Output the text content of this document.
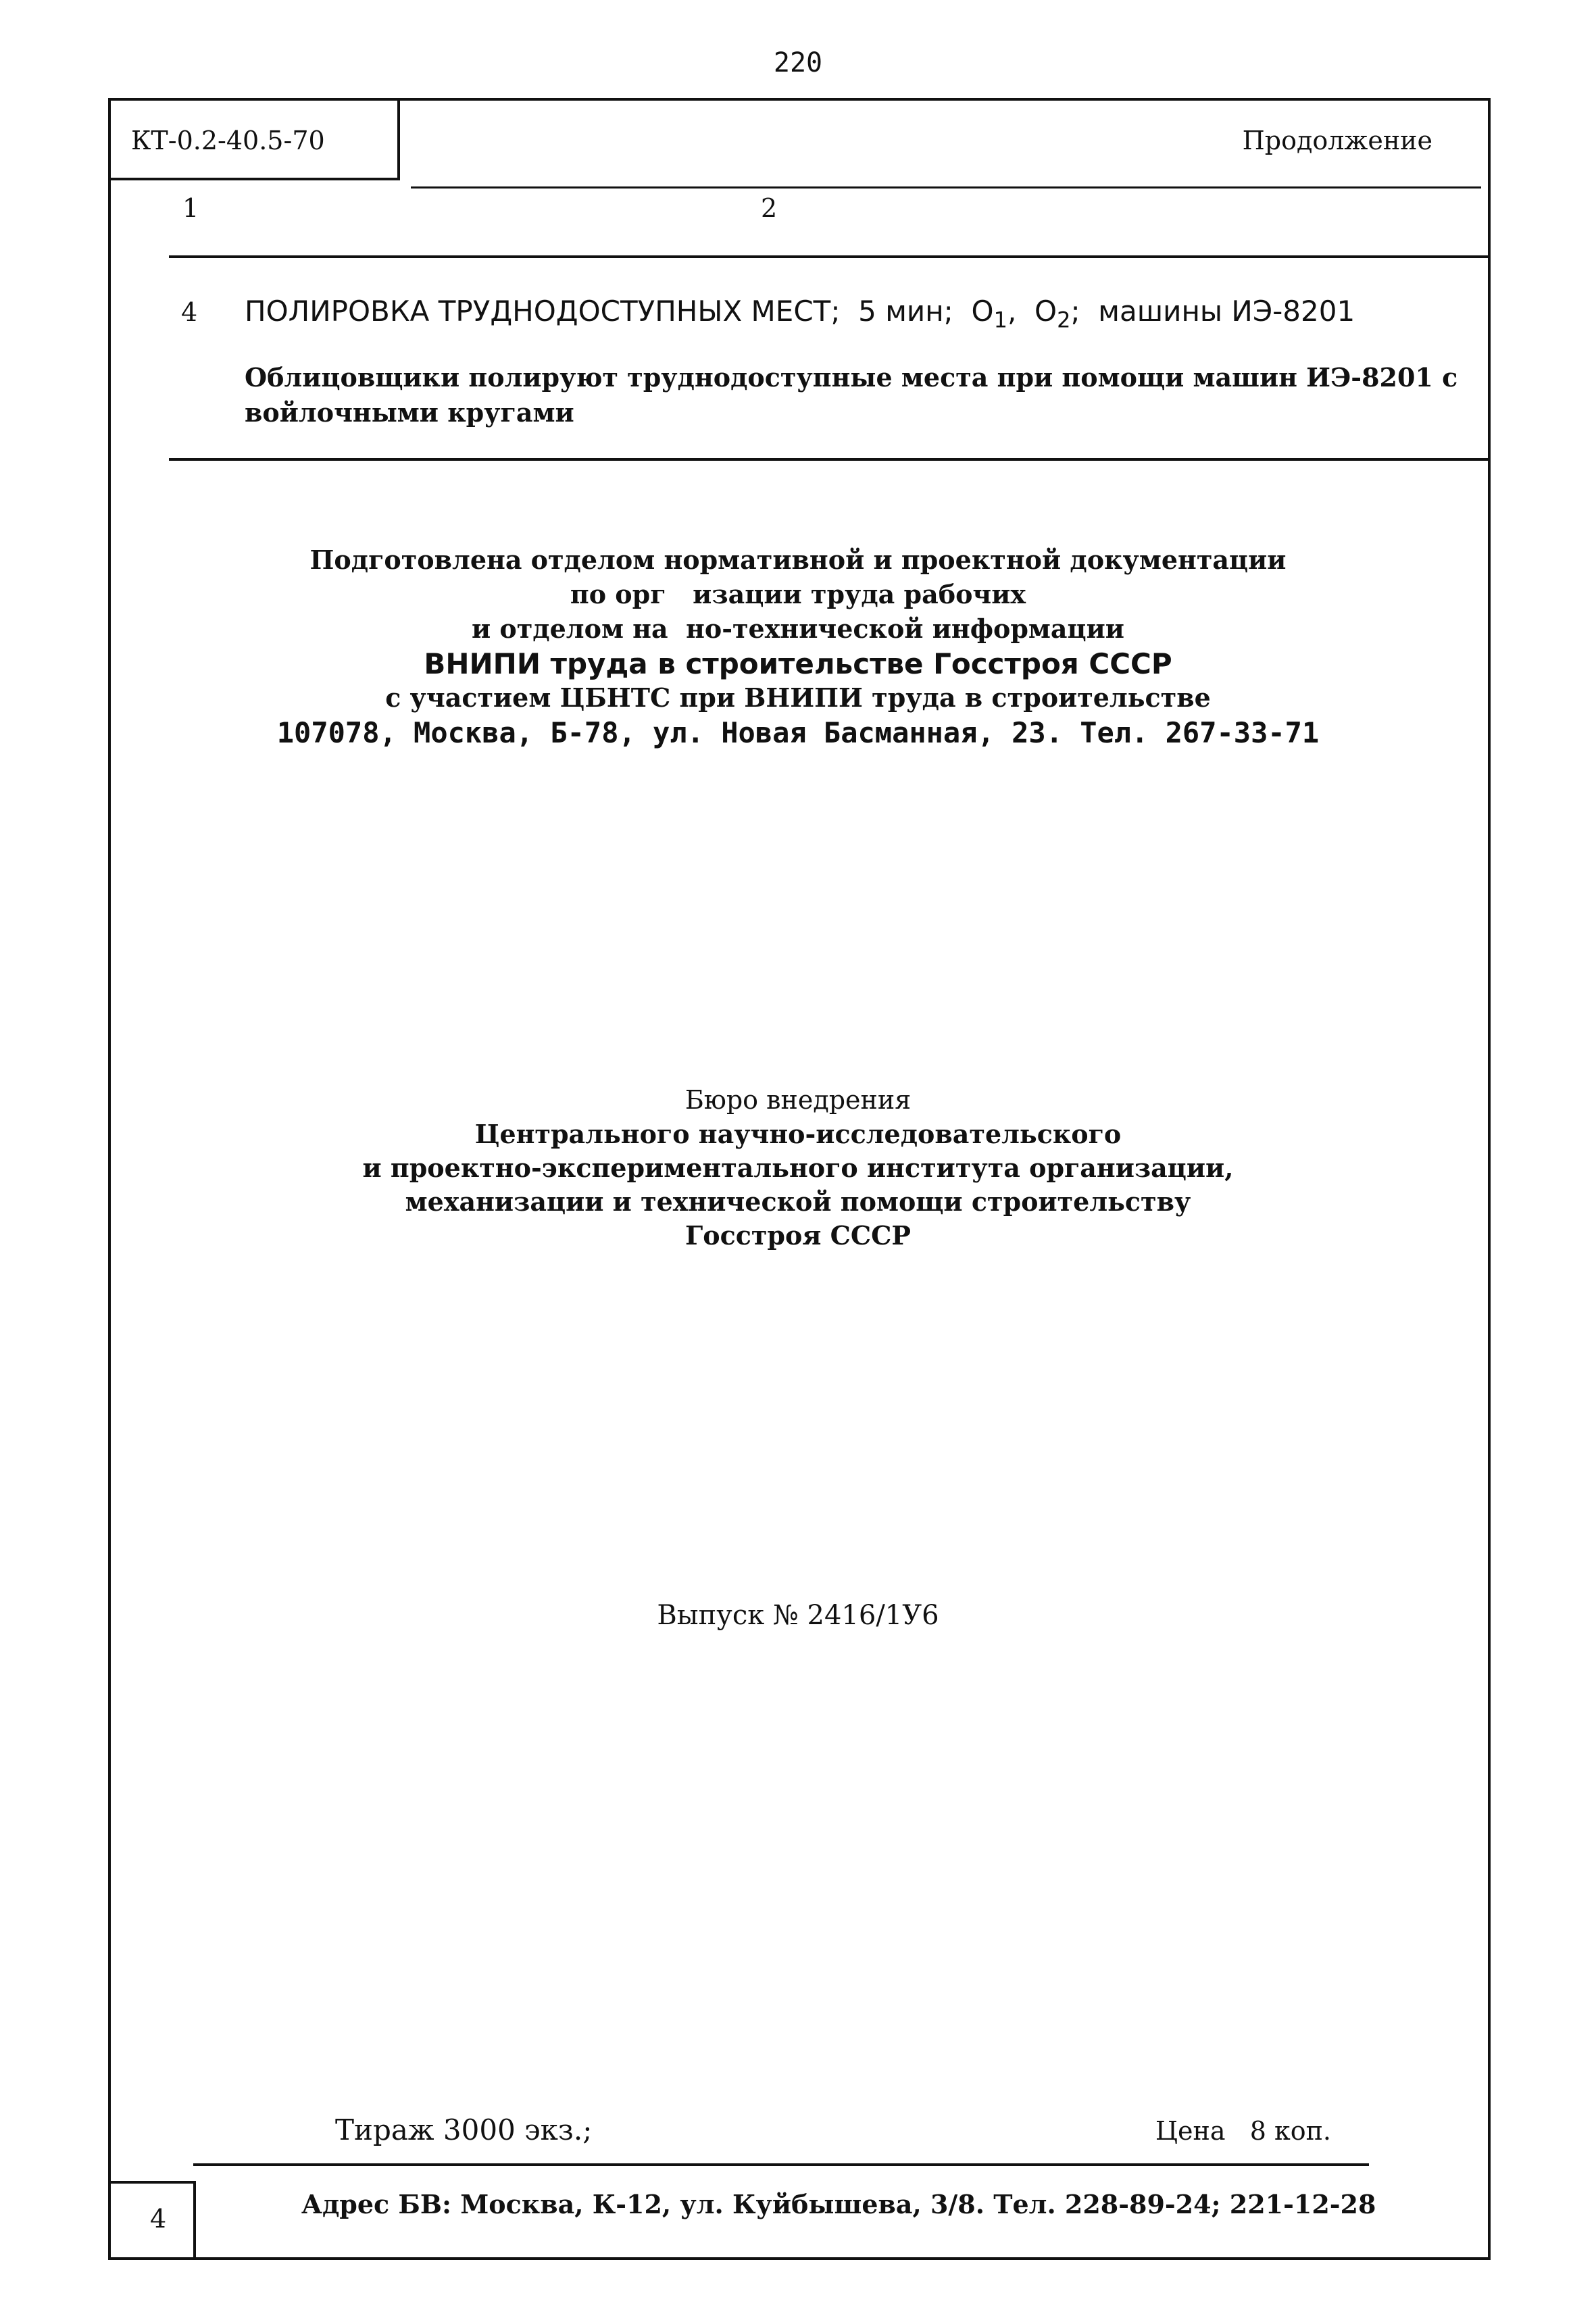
220
КТ-0.2-40.5-70	Продолжение
1	2
4 ПОЛИРОВКА ТРУДНОДОСТУПНЫХ МЕСТ;  5 мин;  $О_1$,  $О_2$;  машины ИЭ-8201
Облицовщики полируют труднодоступные места при помощи машин ИЭ-8201 с
войлочными кругами
Подготовлена отделом нормативной и проектной документации
по орг   изации труда рабочих
и отделом на  но-технической информации
ВНИПИ труда в строительстве Госстроя СССР
с участием ЦБНТС при ВНИПИ труда в строительстве
107078, Москва, Б-78, ул. Новая Басманная, 23. Тел. 267-33-71
Бюро внедрения
Центрального научно-исследовательского
и проектно-экспериментального института организации,
механизации и технической помощи строительству
Госстроя СССР
Выпуск № 2416/1У6
Тираж 3000 экз.;	Цена   8 коп.
Адрес БВ: Москва, К-12, ул. Куйбышева, 3/8. Тел. 228-89-24; 221-12-28
4
